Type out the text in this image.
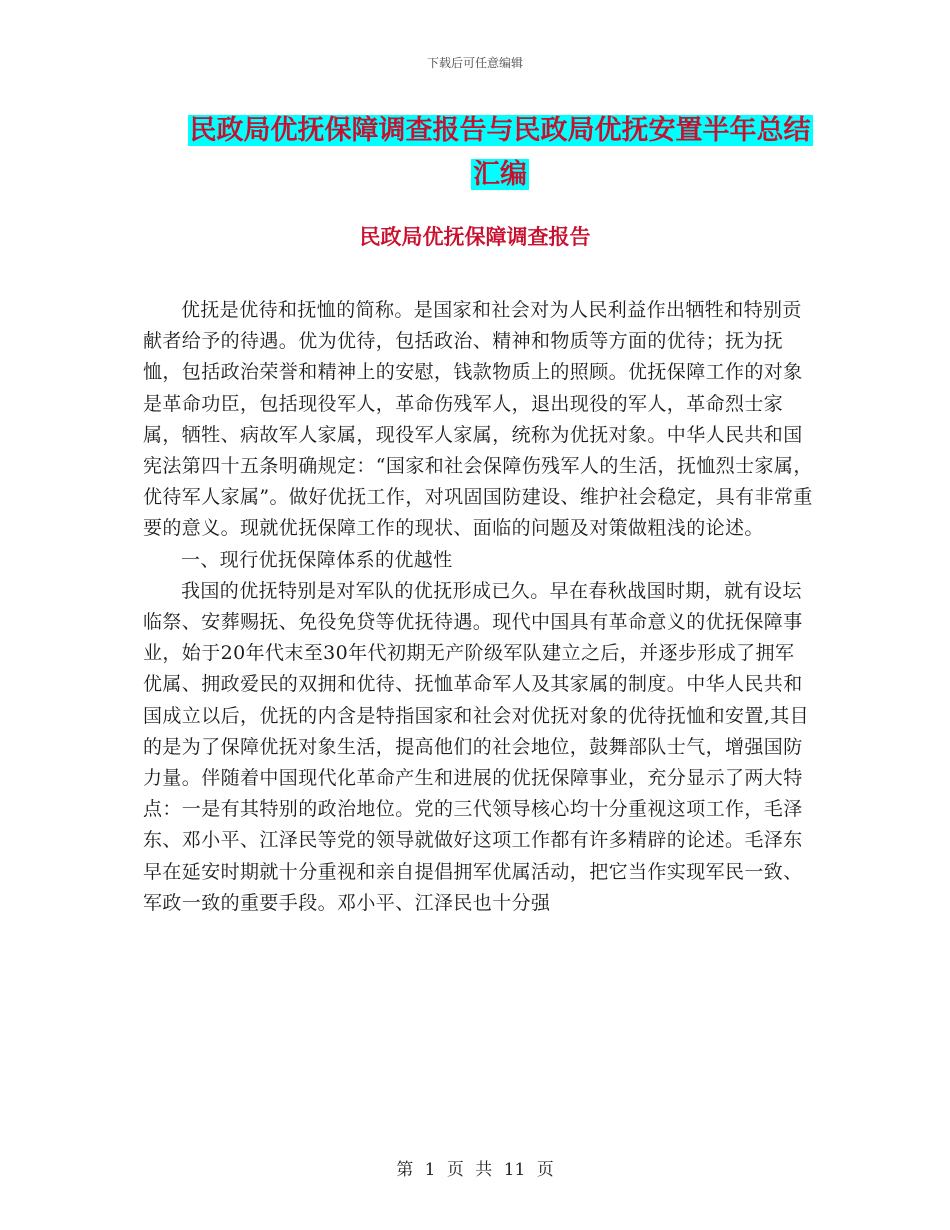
下载后可任意编辑
民政局优抚保障调查报告与民政局优抚安置半年总结
汇编
民政局优抚保障调查报告

优抚是优待和抚恤的简称。是国家和社会对为人民利益作出牺牲和特别贡献者给予的待遇。优为优待，包括政治、精神和物质等方面的优待；抚为抚恤，包括政治荣誉和精神上的安慰，钱款物质上的照顾。优抚保障工作的对象是革命功臣，包括现役军人，革命伤残军人，退出现役的军人，革命烈士家属，牺牲、病故军人家属，现役军人家属，统称为优抚对象。中华人民共和国宪法第四十五条明确规定：“国家和社会保障伤残军人的生活，抚恤烈士家属，优待军人家属”。做好优抚工作，对巩固国防建设、维护社会稳定，具有非常重要的意义。现就优抚保障工作的现状、面临的问题及对策做粗浅的论述。

一、现行优抚保障体系的优越性

我国的优抚特别是对军队的优抚形成已久。早在春秋战国时期，就有设坛临祭、安葬赐抚、免役免贷等优抚待遇。现代中国具有革命意义的优抚保障事业，始于20年代末至30年代初期无产阶级军队建立之后，并逐步形成了拥军优属、拥政爱民的双拥和优待、抚恤革命军人及其家属的制度。中华人民共和国成立以后，优抚的内含是特指国家和社会对优抚对象的优待抚恤和安置,其目的是为了保障优抚对象生活，提高他们的社会地位，鼓舞部队士气，增强国防力量。伴随着中国现代化革命产生和进展的优抚保障事业，充分显示了两大特点：一是有其特别的政治地位。党的三代领导核心均十分重视这项工作，毛泽东、邓小平、江泽民等党的领导就做好这项工作都有许多精辟的论述。毛泽东早在延安时期就十分重视和亲自提倡拥军优属活动，把它当作实现军民一致、军政一致的重要手段。邓小平、江泽民也十分强

第 1 页 共 11 页
